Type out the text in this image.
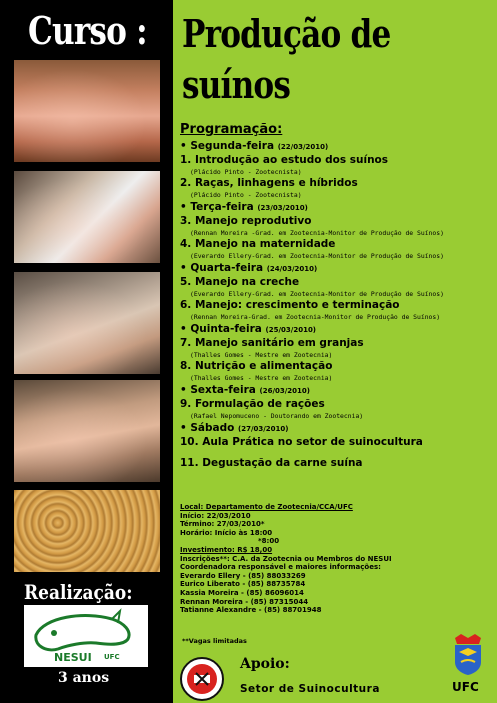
Curso : Produção de
suínos
Realização:
NESUI UFC
3 anos
Programação:
• Segunda-feira (22/03/2010)
1. Introdução ao estudo dos suínos
(Plácido Pinto - Zootecnista)
2. Raças, linhagens e híbridos
(Plácido Pinto - Zootecnista)
• Terça-feira (23/03/2010)
3. Manejo reprodutivo
(Rennan Moreira -Grad. em Zootecnia-Monitor de Produção de Suínos)
4. Manejo na maternidade
(Everardo Ellery-Grad. em Zootecnia-Monitor de Produção de Suínos)
• Quarta-feira (24/03/2010)
5. Manejo na creche
(Everardo Ellery-Grad. em Zootecnia-Monitor de Produção de Suínos)
6. Manejo: crescimento e terminação
(Rennan Moreira-Grad. em Zootecnia-Monitor de Produção de Suínos)
• Quinta-feira (25/03/2010)
7. Manejo sanitário em granjas
(Thalles Gomes - Mestre em Zootecnia)
8. Nutrição e alimentação
(Thalles Gomes - Mestre em Zootecnia)
• Sexta-feira (26/03/2010)
9. Formulação de rações
(Rafael Nepomuceno - Doutorando em Zootecnia)
• Sábado (27/03/2010)
10. Aula Prática no setor de suinocultura
11. Degustação da carne suína
Local: Departamento de Zootecnia/CCA/UFC
Início: 22/03/2010
Término: 27/03/2010*
Horário: Início às 18:00
*8:00
Investimento: R$ 18,00
Inscrições**: C.A. da Zootecnia ou Membros do NESUI
Coordenadora responsável e maiores informações:
Everardo Ellery - (85) 88033269
Eurico Liberato - (85) 88735784
Kassia Moreira - (85) 86096014
Rennan Moreira - (85) 87315044
Tatianne Alexandre - (85) 88701948
**Vagas limitadas
Apoio:
Setor de Suinocultura	UFC
